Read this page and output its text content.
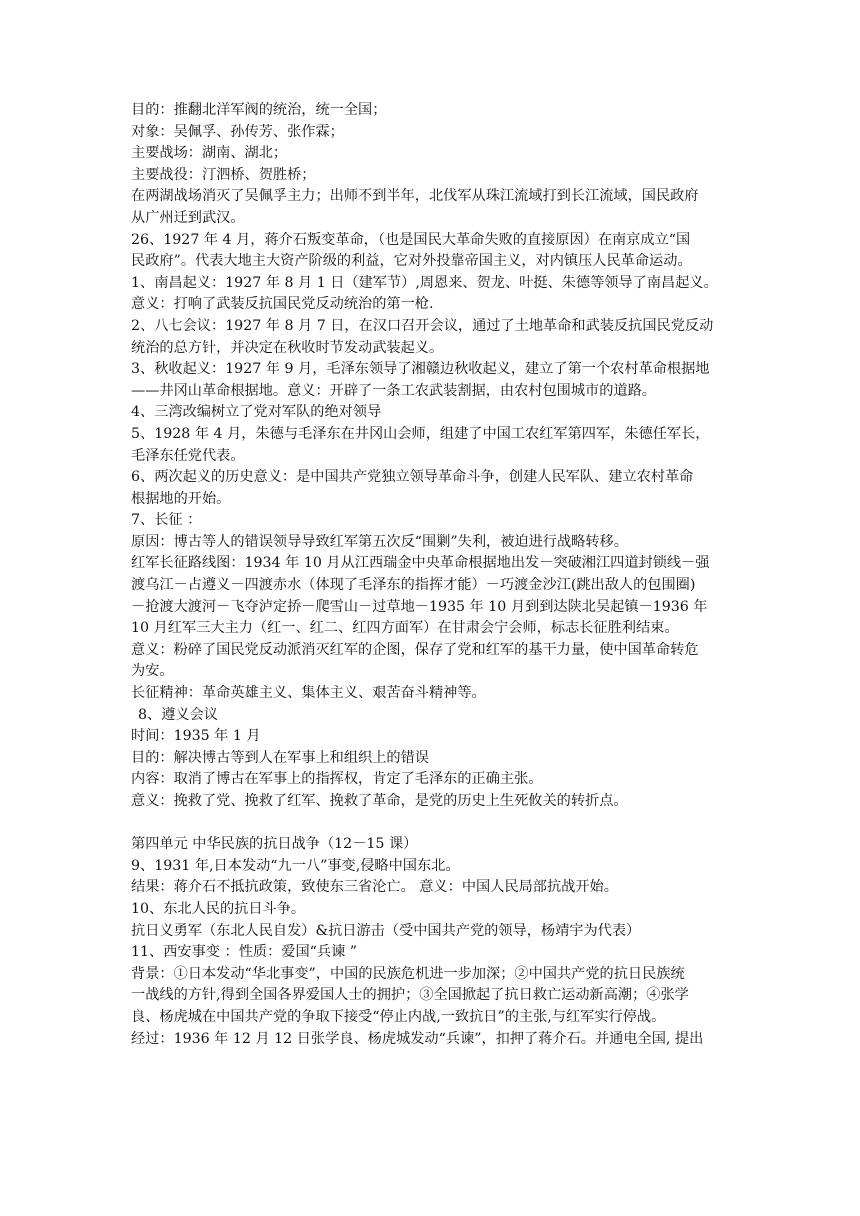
目的：推翻北洋军阀的统治，统一全国；
对象：吴佩孚、孙传芳、张作霖；
主要战场：湖南、湖北；
主要战役：汀泗桥、贺胜桥；
在两湖战场消灭了吴佩孚主力；出师不到半年，北伐军从珠江流域打到长江流域，国民政府
从广州迁到武汉。
26、1927 年 4 月，蒋介石叛变革命，（也是国民大革命失败的直接原因）在南京成立“国
民政府”。代表大地主大资产阶级的利益，它对外投靠帝国主义，对内镇压人民革命运动。
1、南昌起义：1927 年 8 月 1 日（建军节）,周恩来、贺龙、叶挺、朱德等领导了南昌起义。
意义：打响了武装反抗国民党反动统治的第一枪.
2、八七会议：1927 年 8 月 7 日，在汉口召开会议，通过了土地革命和武装反抗国民党反动
统治的总方针，并决定在秋收时节发动武装起义。
3、秋收起义：1927 年 9 月，毛泽东领导了湘赣边秋收起义，建立了第一个农村革命根据地
——井冈山革命根据地。意义：开辟了一条工农武装割据，由农村包围城市的道路。
4、三湾改编树立了党对军队的绝对领导
5、1928 年 4 月，朱德与毛泽东在井冈山会师，组建了中国工农红军第四军，朱德任军长，
毛泽东任党代表。
6、两次起义的历史意义：是中国共产党独立领导革命斗争，创建人民军队、建立农村革命
根据地的开始。
7、长征 ：
原因：博古等人的错误领导导致红军第五次反“围剿”失利，被迫进行战略转移。
红军长征路线图：1934 年 10 月从江西瑞金中央革命根据地出发－突破湘江四道封锁线－强
渡乌江－占遵义－四渡赤水（体现了毛泽东的指挥才能）－巧渡金沙江(跳出敌人的包围圈)
－抢渡大渡河－飞夺泸定挢－爬雪山－过草地－1935 年 10 月到到达陕北吴起镇－1936 年
10 月红军三大主力（红一、红二、红四方面军）在甘肃会宁会师，标志长征胜利结束。
意义：粉碎了国民党反动派消灭红军的企图，保存了党和红军的基干力量，使中国革命转危
为安。
长征精神：革命英雄主义、集体主义、艰苦奋斗精神等。
8、遵义会议
时间：1935 年 1 月
目的：解决博古等到人在军事上和组织上的错误
内容：取消了博古在军事上的指挥权，肯定了毛泽东的正确主张。
意义：挽救了党、挽救了红军、挽救了革命，是党的历史上生死攸关的转折点。
第四单元 中华民族的抗日战争（12－15 课）
9、1931 年,日本发动“九一八”事变,侵略中国东北。
结果：蒋介石不抵抗政策，致使东三省沦亡。 意义：中国人民局部抗战开始。
10、东北人民的抗日斗争。
抗日义勇军（东北人民自发）&抗日游击（受中国共产党的领导，杨靖宇为代表）
11、西安事变 ：性质：爱国“兵谏 ”
背景：①日本发动“华北事变”，中国的民族危机进一步加深；②中国共产党的抗日民族统
一战线的方针,得到全国各界爱国人士的拥护；③全国掀起了抗日救亡运动新高潮；④张学
良、杨虎城在中国共产党的争取下接受“停止内战,一致抗日”的主张,与红军实行停战。
经过：1936 年 12 月 12 日张学良、杨虎城发动“兵谏”，扣押了蒋介石。并通电全国, 提出
